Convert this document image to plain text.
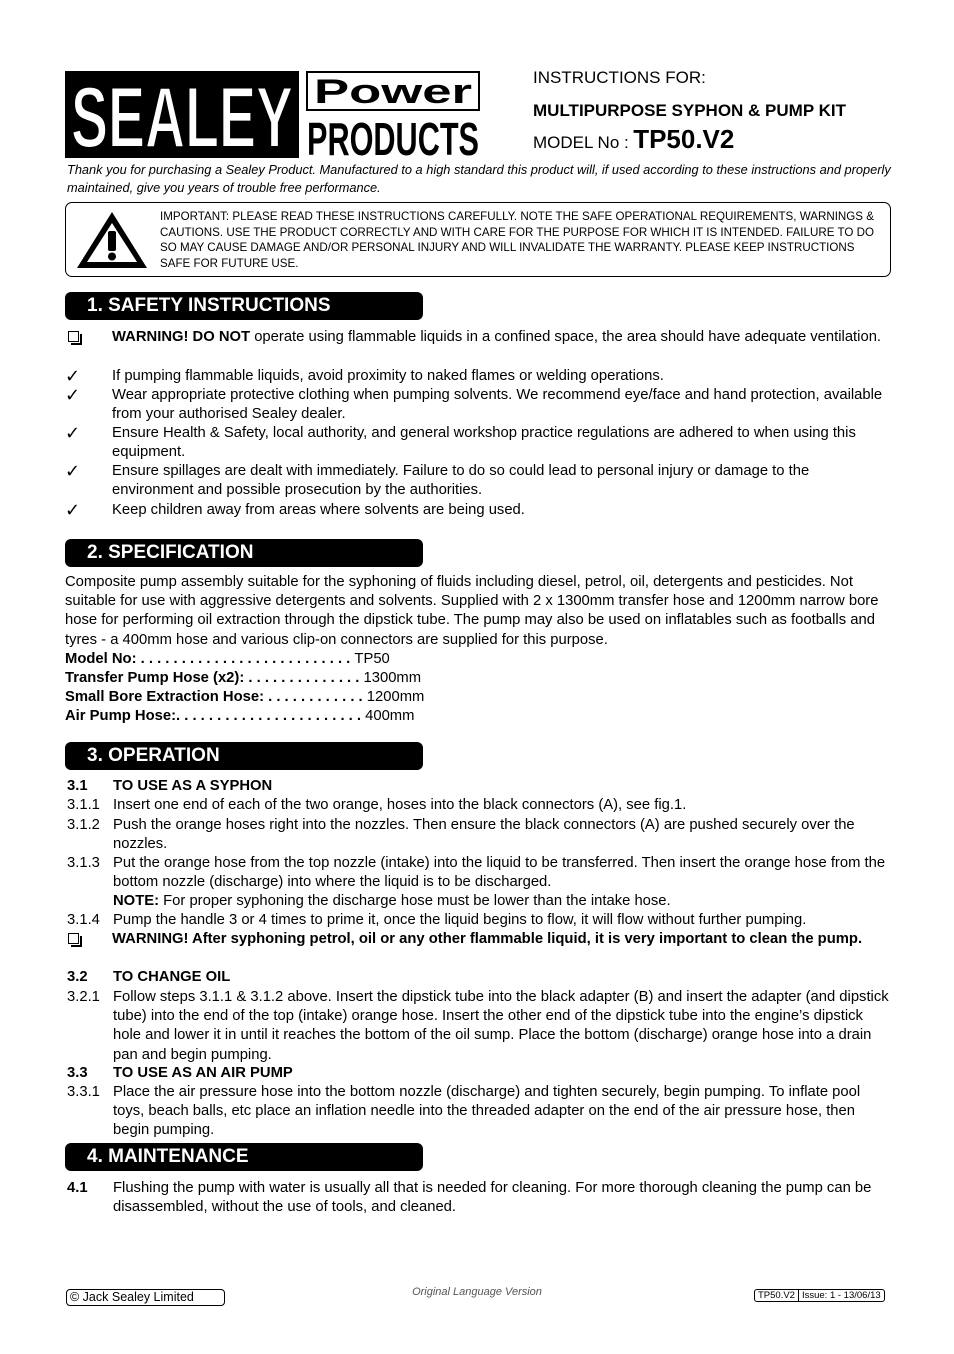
SEALEY Power
PRODUCTS
INSTRUCTIONS FOR:
MULTIPURPOSE SYPHON & PUMP KIT
MODEL No : TP50.V2
Thank you for purchasing a Sealey Product. Manufactured to a high standard this product will, if used according to these instructions and properly maintained, give you years of trouble free performance.
IMPORTANT: PLEASE READ THESE INSTRUCTIONS CAREFULLY. NOTE THE SAFE OPERATIONAL REQUIREMENTS, WARNINGS & CAUTIONS. USE THE PRODUCT CORRECTLY AND WITH CARE FOR THE PURPOSE FOR WHICH IT IS INTENDED. FAILURE TO DO SO MAY CAUSE DAMAGE AND/OR PERSONAL INJURY AND WILL INVALIDATE THE WARRANTY. PLEASE KEEP INSTRUCTIONS SAFE FOR FUTURE USE.
1. SAFETY INSTRUCTIONS
WARNING! DO NOT operate using flammable liquids in a confined space, the area should have adequate ventilation.
✓	If pumping flammable liquids, avoid proximity to naked flames or welding operations.
✓	Wear appropriate protective clothing when pumping solvents. We recommend eye/face and hand protection, available from your authorised Sealey dealer.
✓	Ensure Health & Safety, local authority, and general workshop practice regulations are adhered to when using this equipment.
✓	Ensure spillages are dealt with immediately. Failure to do so could lead to personal injury or damage to the environment and possible prosecution by the authorities.
✓	Keep children away from areas where solvents are being used.
2. SPECIFICATION
Composite pump assembly suitable for the syphoning of fluids including diesel, petrol, oil, detergents and pesticides. Not suitable for use with aggressive detergents and solvents. Supplied with 2 x 1300mm transfer hose and 1200mm narrow bore hose for performing oil extraction through the dipstick tube. The pump may also be used on inflatables such as footballs and tyres - a 400mm hose and various clip-on connectors are supplied for this purpose.
Model No: . . . . . . . . . . . . . . . . . . . . . . . . . . TP50
Transfer Pump Hose (x2): . . . . . . . . . . . . . . 1300mm
Small Bore Extraction Hose: . . . . . . . . . . . . 1200mm
Air Pump Hose:. . . . . . . . . . . . . . . . . . . . . . . 400mm
3. OPERATION
3.1	TO USE AS A SYPHON
3.1.1 Insert one end of each of the two orange, hoses into the black connectors (A), see fig.1.
3.1.2 Push the orange hoses right into the nozzles. Then ensure the black connectors (A) are pushed securely over the nozzles.
3.1.3 Put the orange hose from the top nozzle (intake) into the liquid to be transferred. Then insert the orange hose from the bottom nozzle (discharge) into where the liquid is to be discharged.
NOTE: For proper syphoning the discharge hose must be lower than the intake hose.
3.1.4 Pump the handle 3 or 4 times to prime it, once the liquid begins to flow, it will flow without further pumping.
WARNING! After syphoning petrol, oil or any other flammable liquid, it is very important to clean the pump.
3.2	TO CHANGE OIL
3.2.1 Follow steps 3.1.1 & 3.1.2 above. Insert the dipstick tube into the black adapter (B) and insert the adapter (and dipstick tube) into the end of the top (intake) orange hose. Insert the other end of the dipstick tube into the engine’s dipstick hole and lower it in until it reaches the bottom of the oil sump. Place the bottom (discharge) orange hose into a drain pan and begin pumping.
3.3	TO USE AS AN AIR PUMP
3.3.1 Place the air pressure hose into the bottom nozzle (discharge) and tighten securely, begin pumping. To inflate pool toys, beach balls, etc place an inflation needle into the threaded adapter on the end of the air pressure hose, then begin pumping.
4. MAINTENANCE
4.1	Flushing the pump with water is usually all that is needed for cleaning. For more thorough cleaning the pump can be disassembled, without the use of tools, and cleaned.
© Jack Sealey Limited	Original Language Version	TP50.V2 Issue: 1 - 13/06/13
